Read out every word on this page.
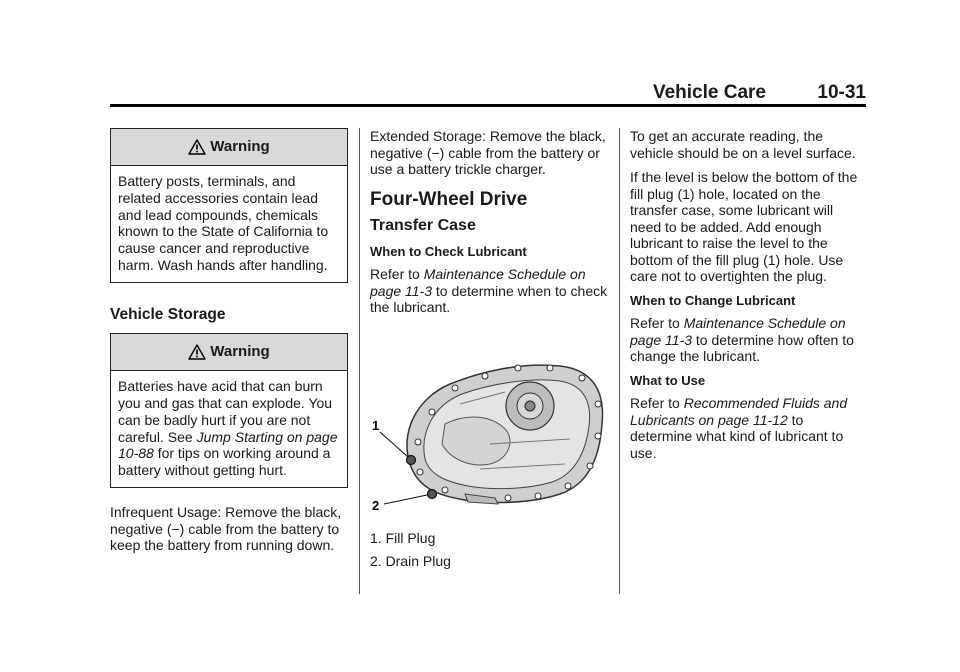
Vehicle Care	10-31
Warning
Battery posts, terminals, and related accessories contain lead and lead compounds, chemicals known to the State of California to cause cancer and reproductive harm. Wash hands after handling.
Vehicle Storage
Warning
Batteries have acid that can burn you and gas that can explode. You can be badly hurt if you are not careful. See Jump Starting on page 10-88 for tips on working around a battery without getting hurt.

Infrequent Usage: Remove the black, negative (−) cable from the battery to keep the battery from running down.

Extended Storage: Remove the black, negative (−) cable from the battery or use a battery trickle charger.

Four-Wheel Drive
Transfer Case
When to Check Lubricant

Refer to Maintenance Schedule on page 11-3 to determine when to check the lubricant.

1
2

1. Fill Plug

2. Drain Plug

To get an accurate reading, the vehicle should be on a level surface.

If the level is below the bottom of the fill plug (1) hole, located on the transfer case, some lubricant will need to be added. Add enough lubricant to raise the level to the bottom of the fill plug (1) hole. Use care not to overtighten the plug.

When to Change Lubricant

Refer to Maintenance Schedule on page 11-3 to determine how often to change the lubricant.

What to Use

Refer to Recommended Fluids and Lubricants on page 11-12 to determine what kind of lubricant to use.
